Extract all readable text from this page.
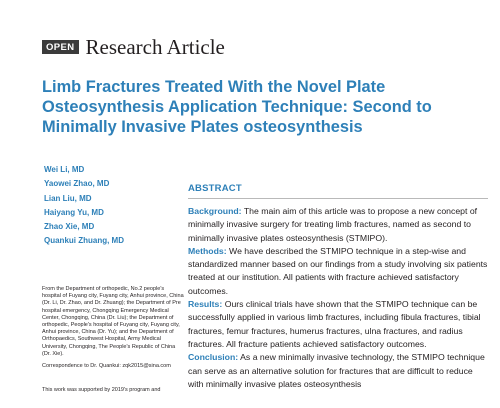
OPEN Research Article
Limb Fractures Treated With the Novel Plate Osteosynthesis Application Technique: Second to Minimally Invasive Plates osteosynthesis
Wei Li, MD
Yaowei Zhao, MD
Lian Liu, MD
Haiyang Yu, MD
Zhao Xie, MD
Quankui Zhuang, MD
From the Department of orthopedic, No.2 people's hospital of Fuyang city, Fuyang city, Anhui province, China (Dr. Li, Dr. Zhao, and Dr. Zhuang); the Department of Pre hospital emergency, Chongqing Emergency Medical Center, Chongqing, China (Dr. Liu); the Department of orthopedic, People's hospital of Fuyang city, Fuyang city, Anhui province, China (Dr. Yu); and the Department of Orthopaedics, Southwest Hospital, Army Medical University, Chongqing, The People's Republic of China (Dr. Xie).
Correspondence to Dr. Quankui: zqk2015@sina.com
This work was supported by 2019's program and
ABSTRACT

Background: The main aim of this article was to propose a new concept of minimally invasive surgery for treating limb fractures, named as second to minimally invasive plates osteosynthesis (STMIPO).

Methods: We have described the STMIPO technique in a step-wise and standardized manner based on our findings from a study involving six patients treated at our institution. All patients with fracture achieved satisfactory outcomes.

Results: Ours clinical trials have shown that the STMIPO technique can be successfully applied in various limb fractures, including fibula fractures, tibial fractures, femur fractures, humerus fractures, ulna fractures, and radius fractures. All fracture patients achieved satisfactory outcomes.

Conclusion: As a new minimally invasive technology, the STMIPO technique can serve as an alternative solution for fractures that are difficult to reduce with minimally invasive plates osteosynthesis
